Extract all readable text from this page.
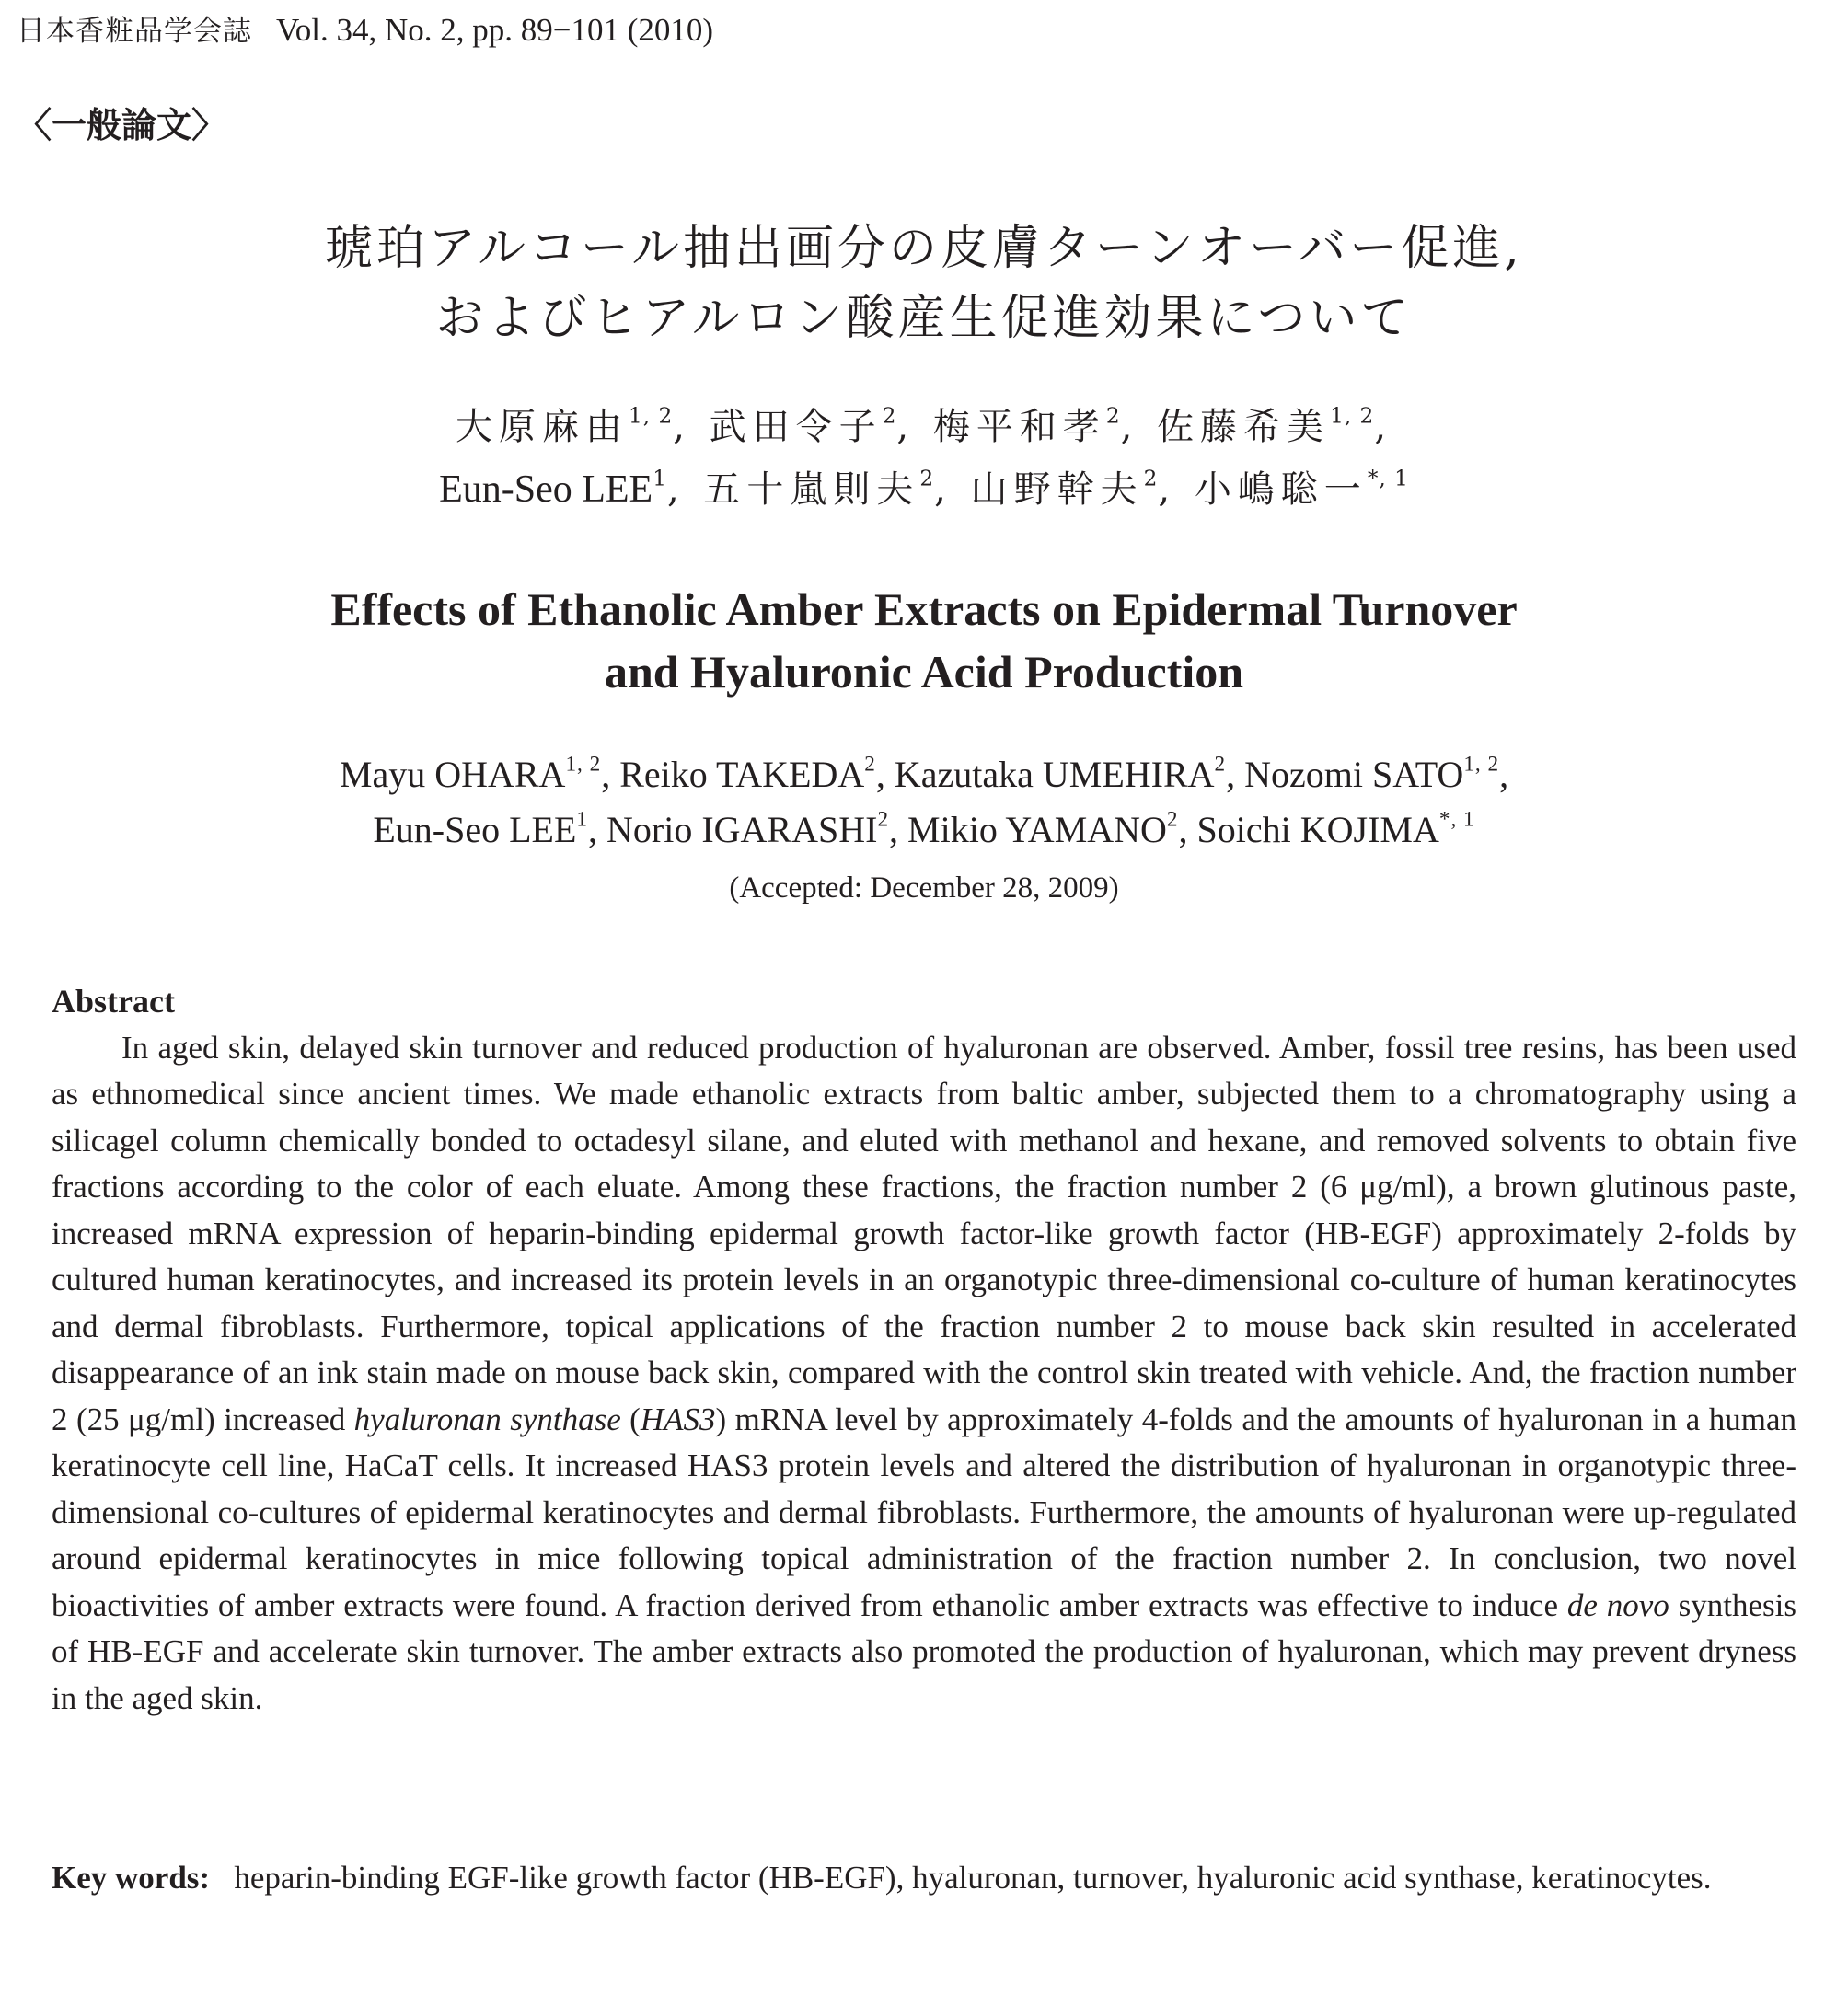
日本香粧品学会誌 Vol. 34, No. 2, pp. 89−101 (2010)
〈一般論文〉
琥珀アルコール抽出画分の皮膚ターンオーバー促進,
およびヒアルロン酸産生促進効果について
大原麻由$^{1, 2}$, 武田令子$^2$, 梅平和孝$^2$, 佐藤希美$^{1, 2}$,
Eun-Seo LEE$^1$, 五十嵐則夫$^2$, 山野幹夫$^2$, 小嶋聡一$^{*, 1}$
Effects of Ethanolic Amber Extracts on Epidermal Turnover
and Hyaluronic Acid Production
Mayu OHARA$^{1, 2}$, Reiko TAKEDA$^2$, Kazutaka UMEHIRA$^2$, Nozomi SATO$^{1, 2}$,
Eun-Seo LEE$^1$, Norio IGARASHI$^2$, Mikio YAMANO$^2$, Soichi $KOJIMA^{*, 1}$
(Accepted: December 28, 2009)
Abstract

In aged skin, delayed skin turnover and reduced production of hyaluronan are observed. Amber, fossil tree resins, has been used as ethnomedical since ancient times. We made ethanolic extracts from baltic amber, subjected them to a chromatography using a silicagel column chemically bonded to octadesyl silane, and eluted with methanol and hexane, and removed solvents to obtain five fractions according to the color of each eluate. Among these fractions, the fraction number 2 (6 μg/ml), a brown glutinous paste, increased mRNA expression of heparin-binding epidermal growth factor-like growth factor (HB-EGF) approximately 2-folds by cultured human keratinocytes, and increased its protein levels in an organotypic three-dimensional co-culture of human keratinocytes and dermal fibroblasts. Furthermore, topical applications of the fraction number 2 to mouse back skin resulted in accelerated disappearance of an ink stain made on mouse back skin, compared with the control skin treated with vehicle. And, the fraction number 2 (25 μg/ml) increased hyaluronan synthase (HAS3) mRNA level by approximately 4-folds and the amounts of hyaluronan in a human keratinocyte cell line, HaCaT cells. It increased HAS3 protein levels and altered the distribution of hyaluronan in organotypic three-dimensional co-cultures of epidermal keratinocytes and dermal fibroblasts. Furthermore, the amounts of hyaluronan were up-regulated around epidermal keratinocytes in mice following topical administration of the fraction number 2. In conclusion, two novel bioactivities of amber extracts were found. A fraction derived from ethanolic amber extracts was effective to induce de novo synthesis of HB-EGF and accelerate skin turnover. The amber extracts also promoted the production of hyaluronan, which may prevent dryness in the aged skin.

Key words: heparin-binding EGF-like growth factor (HB-EGF), hyaluronan, turnover, hyaluronic acid synthase, keratinocytes.
